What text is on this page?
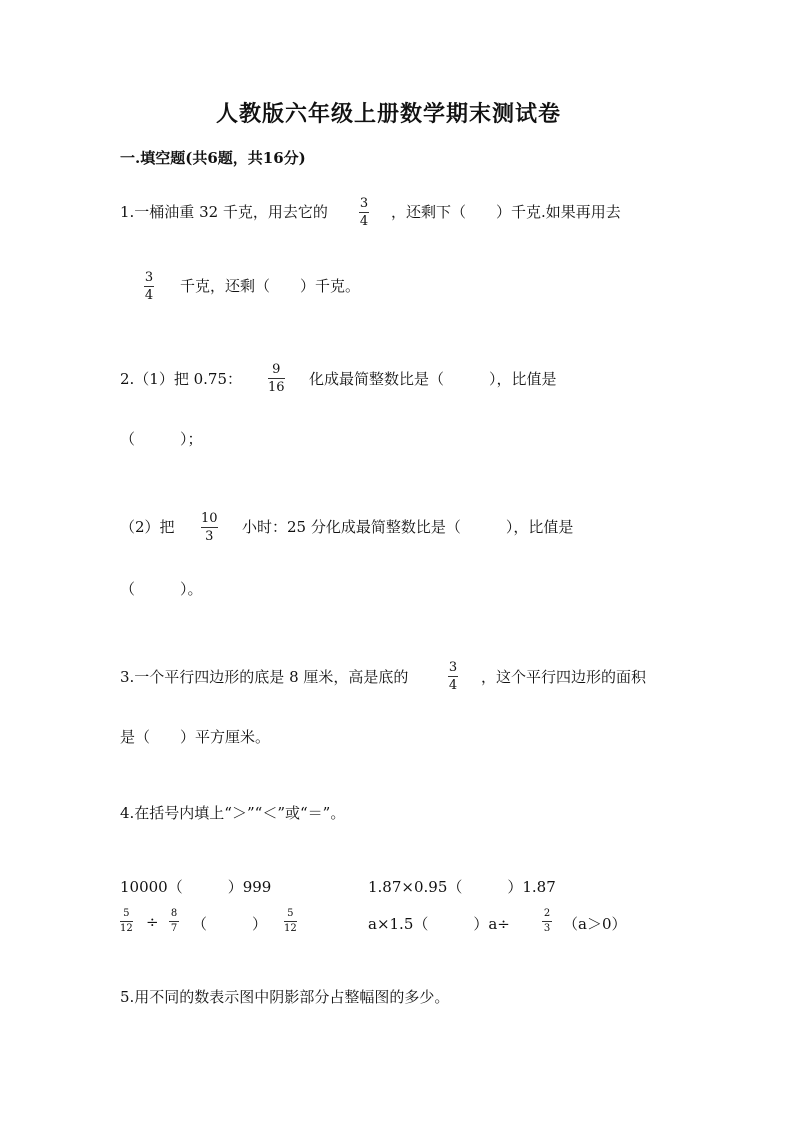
人教版六年级上册数学期末测试卷
一.填空题(共6题，共16分)
1.一桶油重 32 千克，用去它的 3
4
，还剩下（　　）千克.如果再用去
3
4
千克，还剩（　　）千克。
2.（1）把 0.75：
9
16 化成最简整数比是（　　　），比值是
（　　　）；
（2）把 10
3
小时：25 分化成最简整数比是（　　　），比值是
（　　　）。
3.一个平行四边形的底是 8 厘米，高是底的
3
4 ，这个平行四边形的面积
是（　　）平方厘米。
4.在括号内填上“＞”“＜”或“＝”。
10000（　　　）999	1.87×0.95（　　　）1.87
5
12 ÷ 8
7 （　　　）
5
12	a×1.5（　　　）a÷
2
3 （a＞0）
5.用不同的数表示图中阴影部分占整幅图的多少。
